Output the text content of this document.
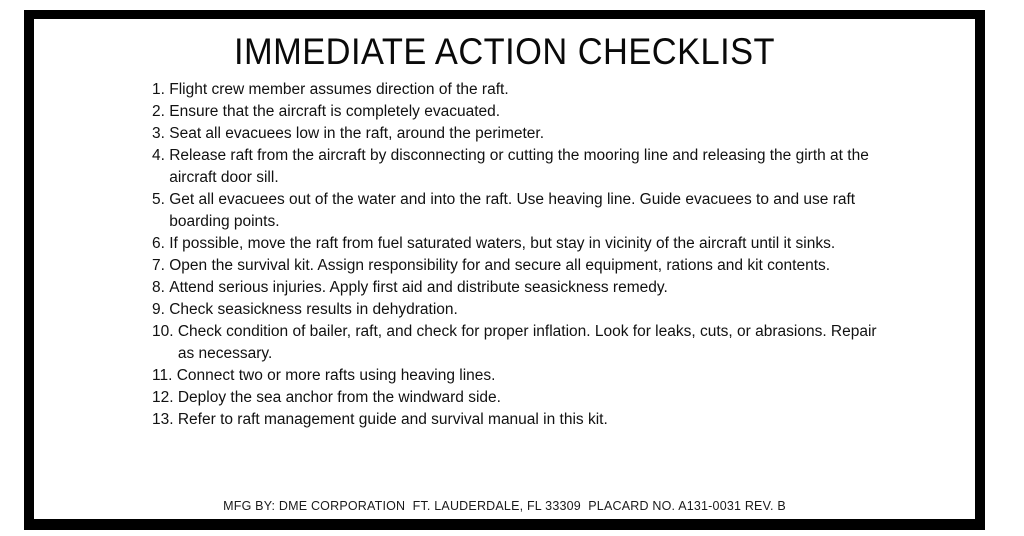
IMMEDIATE ACTION CHECKLIST
1. Flight crew member assumes direction of the raft.
2. Ensure that the aircraft is completely evacuated.
3. Seat all evacuees low in the raft, around the perimeter.
4. Release raft from the aircraft by disconnecting or cutting the mooring line and releasing the girth at the aircraft door sill.
5. Get all evacuees out of the water and into the raft. Use heaving line. Guide evacuees to and use raft boarding points.
6. If possible, move the raft from fuel saturated waters, but stay in vicinity of the aircraft until it sinks.
7. Open the survival kit. Assign responsibility for and secure all equipment, rations and kit contents.
8. Attend serious injuries. Apply first aid and distribute seasickness remedy.
9. Check seasickness results in dehydration.
10. Check condition of bailer, raft, and check for proper inflation. Look for leaks, cuts, or abrasions. Repair as necessary.
11. Connect two or more rafts using heaving lines.
12. Deploy the sea anchor from the windward side.
13. Refer to raft management guide and survival manual in this kit.
MFG BY: DME CORPORATION  FT. LAUDERDALE, FL 33309  PLACARD NO. A131-0031 REV. B
